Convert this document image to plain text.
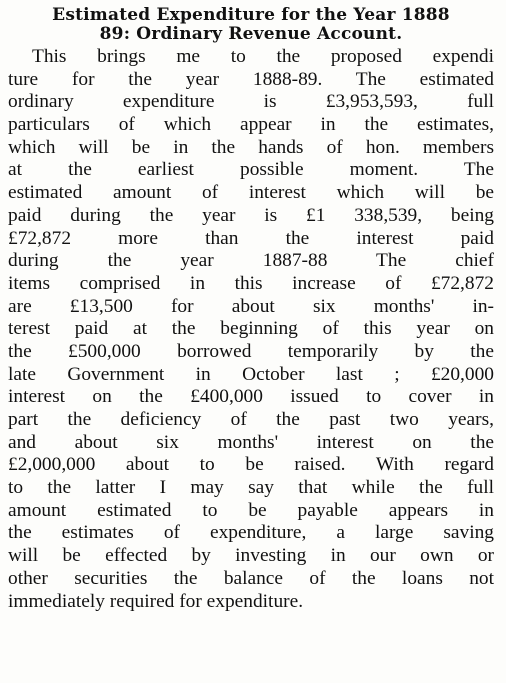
Estimated Expenditure for the Year 1888
89: Ordinary Revenue Account.
This brings me to the proposed expendi
ture for the year 1888-89. The estimated
ordinary expenditure is £3,953,593, full
particulars of which appear in the estimates,
which will be in the hands of hon. members
at the earliest possible moment. The
estimated amount of interest which will be
paid during the year is £1 338,539, being
£72,872 more than the interest paid
during the year 1887-88 The chief
items comprised in this increase of £72,872
are £13,500 for about six months' in-
terest paid at the beginning of this year on
the £500,000 borrowed temporarily by the
late Government in October last ; £20,000
interest on the £400,000 issued to cover in
part the deficiency of the past two years,
and about six months' interest on the
£2,000,000 about to be raised. With regard
to the latter I may say that while the full
amount estimated to be payable appears in
the estimates of expenditure, a large saving
will be effected by investing in our own or
other securities the balance of the loans not
immediately required for expenditure.
